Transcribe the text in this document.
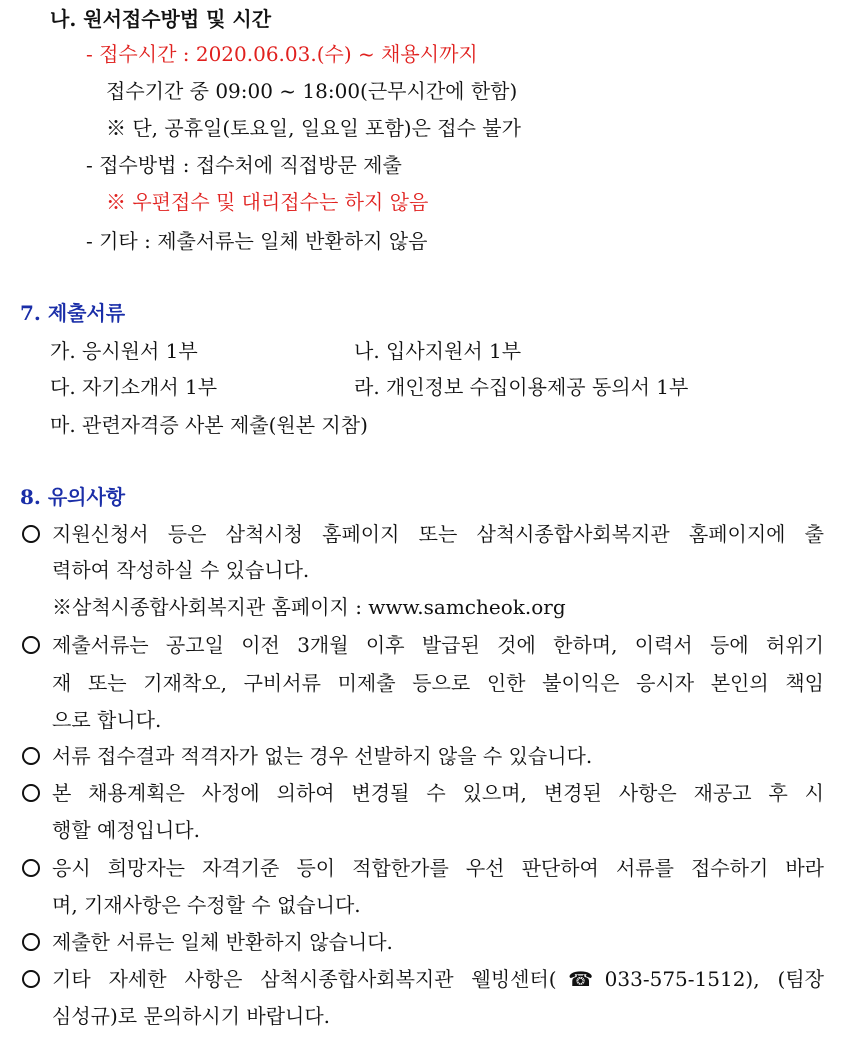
나. 원서접수방법 및 시간
- 접수시간 : 2020.06.03.(수) ~ 채용시까지
접수기간 중 09:00 ~ 18:00(근무시간에 한함)
※ 단, 공휴일(토요일, 일요일 포함)은 접수 불가
- 접수방법 : 접수처에 직접방문 제출
※ 우편접수 및 대리접수는 하지 않음
- 기타 : 제출서류는 일체 반환하지 않음
7. 제출서류
가. 응시원서 1부	나. 입사지원서 1부
다. 자기소개서 1부	라. 개인정보 수집이용제공 동의서 1부
마. 관련자격증 사본 제출(원본 지참)
8. 유의사항
지원신청서 등은 삼척시청 홈페이지 또는 삼척시종합사회복지관 홈페이지에 출
력하여 작성하실 수 있습니다.
※삼척시종합사회복지관 홈페이지 : www.samcheok.org
제출서류는 공고일 이전 3개월 이후 발급된 것에 한하며, 이력서 등에 허위기
재 또는 기재착오, 구비서류 미제출 등으로 인한 불이익은 응시자 본인의 책임
으로 합니다.
서류 접수결과 적격자가 없는 경우 선발하지 않을 수 있습니다.
본 채용계획은 사정에 의하여 변경될 수 있으며, 변경된 사항은 재공고 후 시
행할 예정입니다.
응시 희망자는 자격기준 등이 적합한가를 우선 판단하여 서류를 접수하기 바라
며, 기재사항은 수정할 수 없습니다.
제출한 서류는 일체 반환하지 않습니다.
기타 자세한 사항은 삼척시종합사회복지관 웰빙센터(☎033-575-1512), (팀장
심성규)로 문의하시기 바랍니다.
